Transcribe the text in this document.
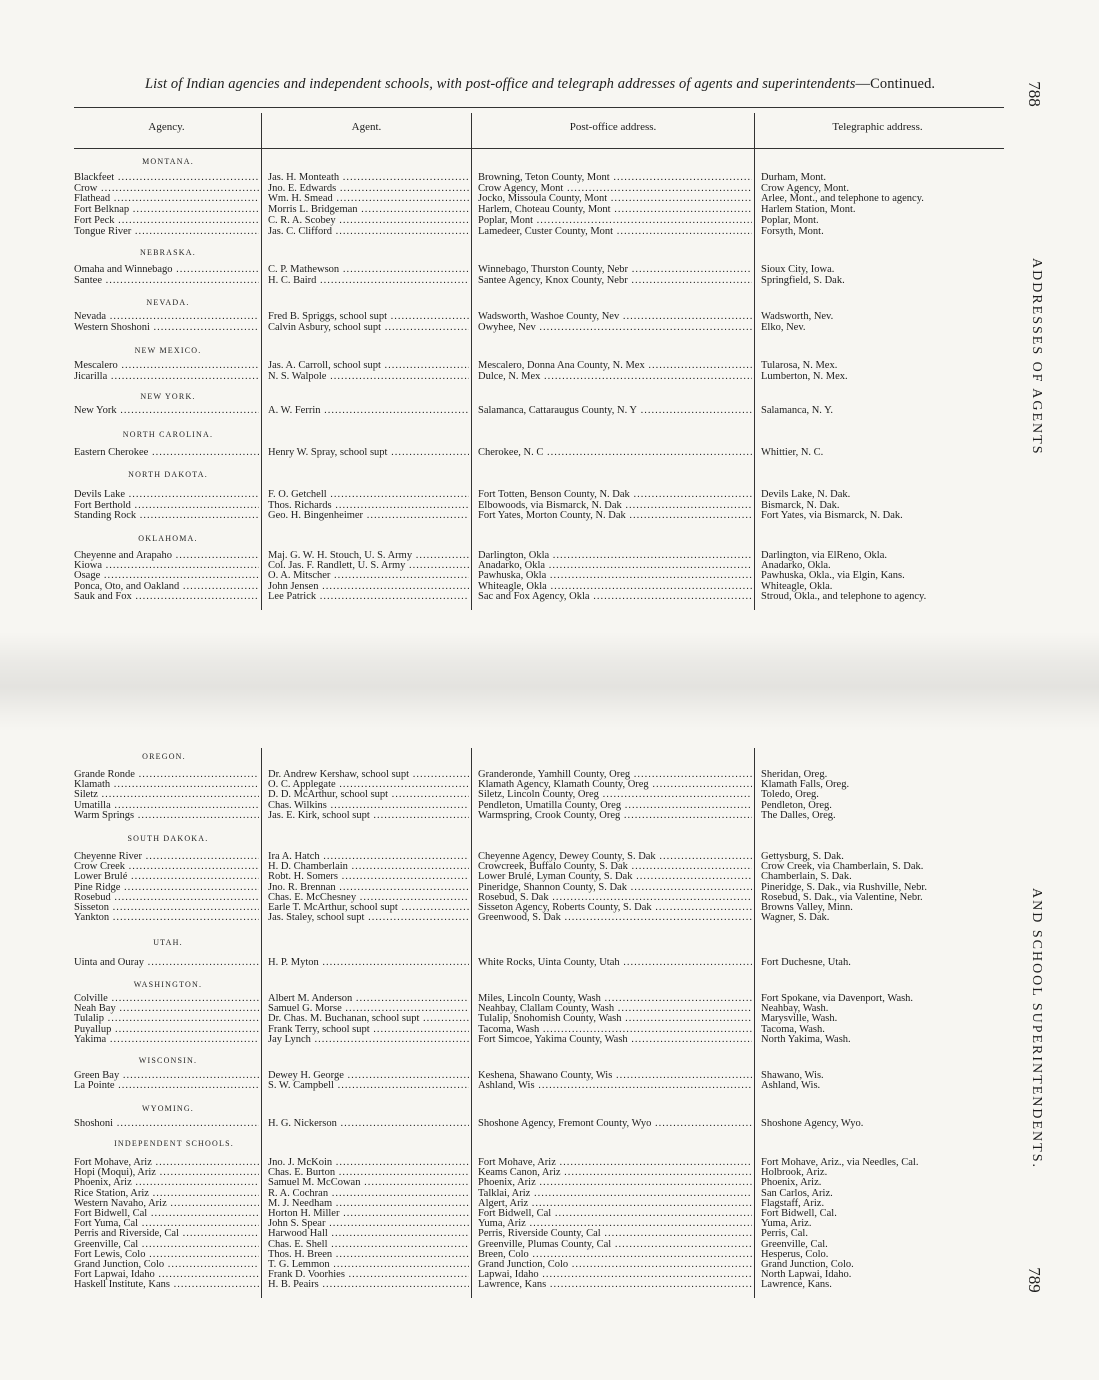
List of Indian agencies and independent schools, with post-office and telegraph addresses of agents and superintendents—Continued.	788
789
ADDRESSES OF AGENTS
AND SCHOOL SUPERINTENDENTS.
Agency.	Agent.	Post-office address.	Telegraphic address.
MONTANA.
Blackfeet .....	Jas. H. Monteath .....	Browning, Teton County, Mont .....	Durham, Mont.
Crow .....	Jno. E. Edwards .....	Crow Agency, Mont .....	Crow Agency, Mont.
Flathead .....	Wm. H. Smead .....	Jocko, Missoula County, Mont .....	Arlee, Mont., and telephone to agency.
Fort Belknap .....	Morris L. Bridgeman .....	Harlem, Choteau County, Mont .....	Harlem Station, Mont.
Fort Peck .....	C. R. A. Scobey .....	Poplar, Mont .....	Poplar, Mont.
Tongue River .....	Jas. C. Clifford .....	Lamedeer, Custer County, Mont .....	Forsyth, Mont.
NEBRASKA.
Omaha and Winnebago .....	C. P. Mathewson .....	Winnebago, Thurston County, Nebr .....	Sioux City, Iowa.
Santee .....	H. C. Baird .....	Santee Agency, Knox County, Nebr .....	Springfield, S. Dak.
NEVADA.
Nevada .....	Fred B. Spriggs, school supt .....	Wadsworth, Washoe County, Nev .....	Wadsworth, Nev.
Western Shoshoni .....	Calvin Asbury, school supt .....	Owyhee, Nev .....	Elko, Nev.
NEW MEXICO.
Mescalero .....	Jas. A. Carroll, school supt .....	Mescalero, Donna Ana County, N. Mex .....	Tularosa, N. Mex.
Jicarilla .....	N. S. Walpole .....	Dulce, N. Mex .....	Lumberton, N. Mex.
NEW YORK.
New York .....	A. W. Ferrin .....	Salamanca, Cattaraugus County, N. Y .....	Salamanca, N. Y.
NORTH CAROLINA.
Eastern Cherokee .....	Henry W. Spray, school supt .....	Cherokee, N. C .....	Whittier, N. C.
NORTH DAKOTA.
Devils Lake .....	F. O. Getchell .....	Fort Totten, Benson County, N. Dak .....	Devils Lake, N. Dak.
Fort Berthold .....	Thos. Richards .....	Elbowoods, via Bismarck, N. Dak .....	Bismarck, N. Dak.
Standing Rock .....	Geo. H. Bingenheimer .....	Fort Yates, Morton County, N. Dak .....	Fort Yates, via Bismarck, N. Dak.
OKLAHOMA.
Cheyenne and Arapaho .....	Maj. G. W. H. Stouch, U. S. Army .....	Darlington, Okla .....	Darlington, via ElReno, Okla.
Kiowa .....	Col. Jas. F. Randlett, U. S. Army .....	Anadarko, Okla .....	Anadarko, Okla.
Osage .....	O. A. Mitscher .....	Pawhuska, Okla .....	Pawhuska, Okla., via Elgin, Kans.
Ponca, Oto, and Oakland .....	John Jensen .....	Whiteagle, Okla .....	Whiteagle, Okla.
Sauk and Fox .....	Lee Patrick .....	Sac and Fox Agency, Okla .....	Stroud, Okla., and telephone to agency.
OREGON.
Grande Ronde .....	Dr. Andrew Kershaw, school supt .....	Granderonde, Yamhill County, Oreg .....	Sheridan, Oreg.
Klamath .....	O. C. Applegate .....	Klamath Agency, Klamath County, Oreg .....	Klamath Falls, Oreg.
Siletz .....	D. D. McArthur, school supt .....	Siletz, Lincoln County, Oreg .....	Toledo, Oreg.
Umatilla .....	Chas. Wilkins .....	Pendleton, Umatilla County, Oreg .....	Pendleton, Oreg.
Warm Springs .....	Jas. E. Kirk, school supt .....	Warmspring, Crook County, Oreg .....	The Dalles, Oreg.
SOUTH DAKOKA.
Cheyenne River .....	Ira A. Hatch .....	Cheyenne Agency, Dewey County, S. Dak .....	Gettysburg, S. Dak.
Crow Creek .....	H. D. Chamberlain .....	Crowcreek, Buffalo County, S. Dak .....	Crow Creek, via Chamberlain, S. Dak.
Lower Brulé .....	Robt. H. Somers .....	Lower Brulé, Lyman County, S. Dak .....	Chamberlain, S. Dak.
Pine Ridge .....	Jno. R. Brennan .....	Pineridge, Shannon County, S. Dak .....	Pineridge, S. Dak., via Rushville, Nebr.
Rosebud .....	Chas. E. McChesney .....	Rosebud, S. Dak .....	Rosebud, S. Dak., via Valentine, Nebr.
Sisseton .....	Earle T. McArthur, school supt .....	Sisseton Agency, Roberts County, S. Dak .....	Browns Valley, Minn.
Yankton .....	Jas. Staley, school supt .....	Greenwood, S. Dak .....	Wagner, S. Dak.
UTAH.
Uinta and Ouray .....	H. P. Myton .....	White Rocks, Uinta County, Utah .....	Fort Duchesne, Utah.
WASHINGTON.
Colville .....	Albert M. Anderson .....	Miles, Lincoln County, Wash .....	Fort Spokane, via Davenport, Wash.
Neah Bay .....	Samuel G. Morse .....	Neahbay, Clallam County, Wash .....	Neahbay, Wash.
Tulalip .....	Dr. Chas. M. Buchanan, school supt .....	Tulalip, Snohomish County, Wash .....	Marysville, Wash.
Puyallup .....	Frank Terry, school supt .....	Tacoma, Wash .....	Tacoma, Wash.
Yakima .....	Jay Lynch .....	Fort Simcoe, Yakima County, Wash .....	North Yakima, Wash.
WISCONSIN.
Green Bay .....	Dewey H. George .....	Keshena, Shawano County, Wis .....	Shawano, Wis.
La Pointe .....	S. W. Campbell .....	Ashland, Wis .....	Ashland, Wis.
WYOMING.
Shoshoni .....	H. G. Nickerson .....	Shoshone Agency, Fremont County, Wyo .....	Shoshone Agency, Wyo.
INDEPENDENT SCHOOLS.
Fort Mohave, Ariz .....	Jno. J. McKoin .....	Fort Mohave, Ariz .....	Fort Mohave, Ariz., via Needles, Cal.
Hopi (Moqui), Ariz .....	Chas. E. Burton .....	Keams Canon, Ariz .....	Holbrook, Ariz.
Phoenix, Ariz .....	Samuel M. McCowan .....	Phoenix, Ariz .....	Phoenix, Ariz.
Rice Station, Ariz .....	R. A. Cochran .....	Talklai, Ariz .....	San Carlos, Ariz.
Western Navaho, Ariz .....	M. J. Needham .....	Algert, Ariz .....	Flagstaff, Ariz.
Fort Bidwell, Cal .....	Horton H. Miller .....	Fort Bidwell, Cal .....	Fort Bidwell, Cal.
Fort Yuma, Cal .....	John S. Spear .....	Yuma, Ariz .....	Yuma, Ariz.
Perris and Riverside, Cal .....	Harwood Hall .....	Perris, Riverside County, Cal .....	Perris, Cal.
Greenville, Cal .....	Chas. E. Shell .....	Greenville, Plumas County, Cal .....	Greenville, Cal.
Fort Lewis, Colo .....	Thos. H. Breen .....	Breen, Colo .....	Hesperus, Colo.
Grand Junction, Colo .....	T. G. Lemmon .....	Grand Junction, Colo .....	Grand Junction, Colo.
Fort Lapwai, Idaho .....	Frank D. Voorhies .....	Lapwai, Idaho .....	North Lapwai, Idaho.
Haskell Institute, Kans .....	H. B. Peairs .....	Lawrence, Kans .....	Lawrence, Kans.
